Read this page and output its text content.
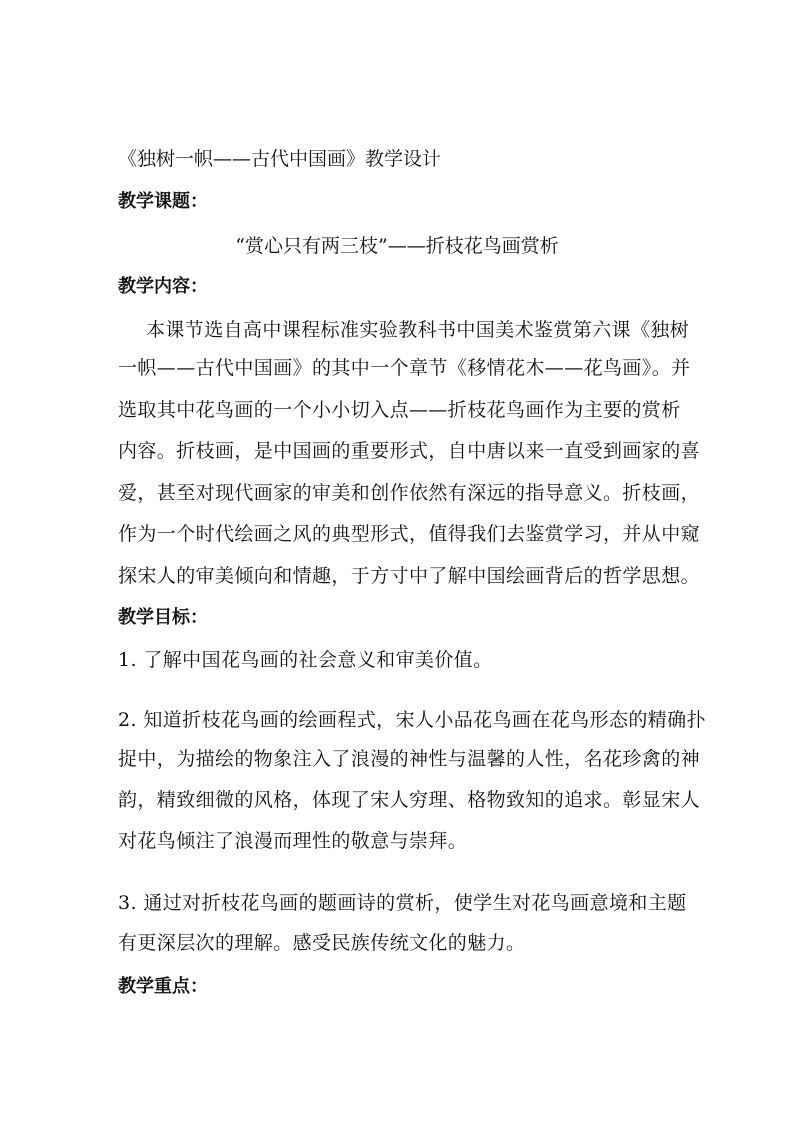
《独树一帜——古代中国画》教学设计
教学课题：
“赏心只有两三枝”——折枝花鸟画赏析
教学内容：
本课节选自高中课程标准实验教科书中国美术鉴赏第六课《独树
一帜——古代中国画》的其中一个章节《移情花木——花鸟画》。并
选取其中花鸟画的一个小小切入点——折枝花鸟画作为主要的赏析
内容。折枝画，是中国画的重要形式，自中唐以来一直受到画家的喜
爱，甚至对现代画家的审美和创作依然有深远的指导意义。折枝画，
作为一个时代绘画之风的典型形式，值得我们去鉴赏学习，并从中窥
探宋人的审美倾向和情趣，于方寸中了解中国绘画背后的哲学思想。
教学目标：
1. 了解中国花鸟画的社会意义和审美价值。
2. 知道折枝花鸟画的绘画程式，宋人小品花鸟画在花鸟形态的精确扑
捉中，为描绘的物象注入了浪漫的神性与温馨的人性，名花珍禽的神
韵，精致细微的风格，体现了宋人穷理、格物致知的追求。彰显宋人
对花鸟倾注了浪漫而理性的敬意与崇拜。
3. 通过对折枝花鸟画的题画诗的赏析，使学生对花鸟画意境和主题
有更深层次的理解。感受民族传统文化的魅力。
教学重点：
